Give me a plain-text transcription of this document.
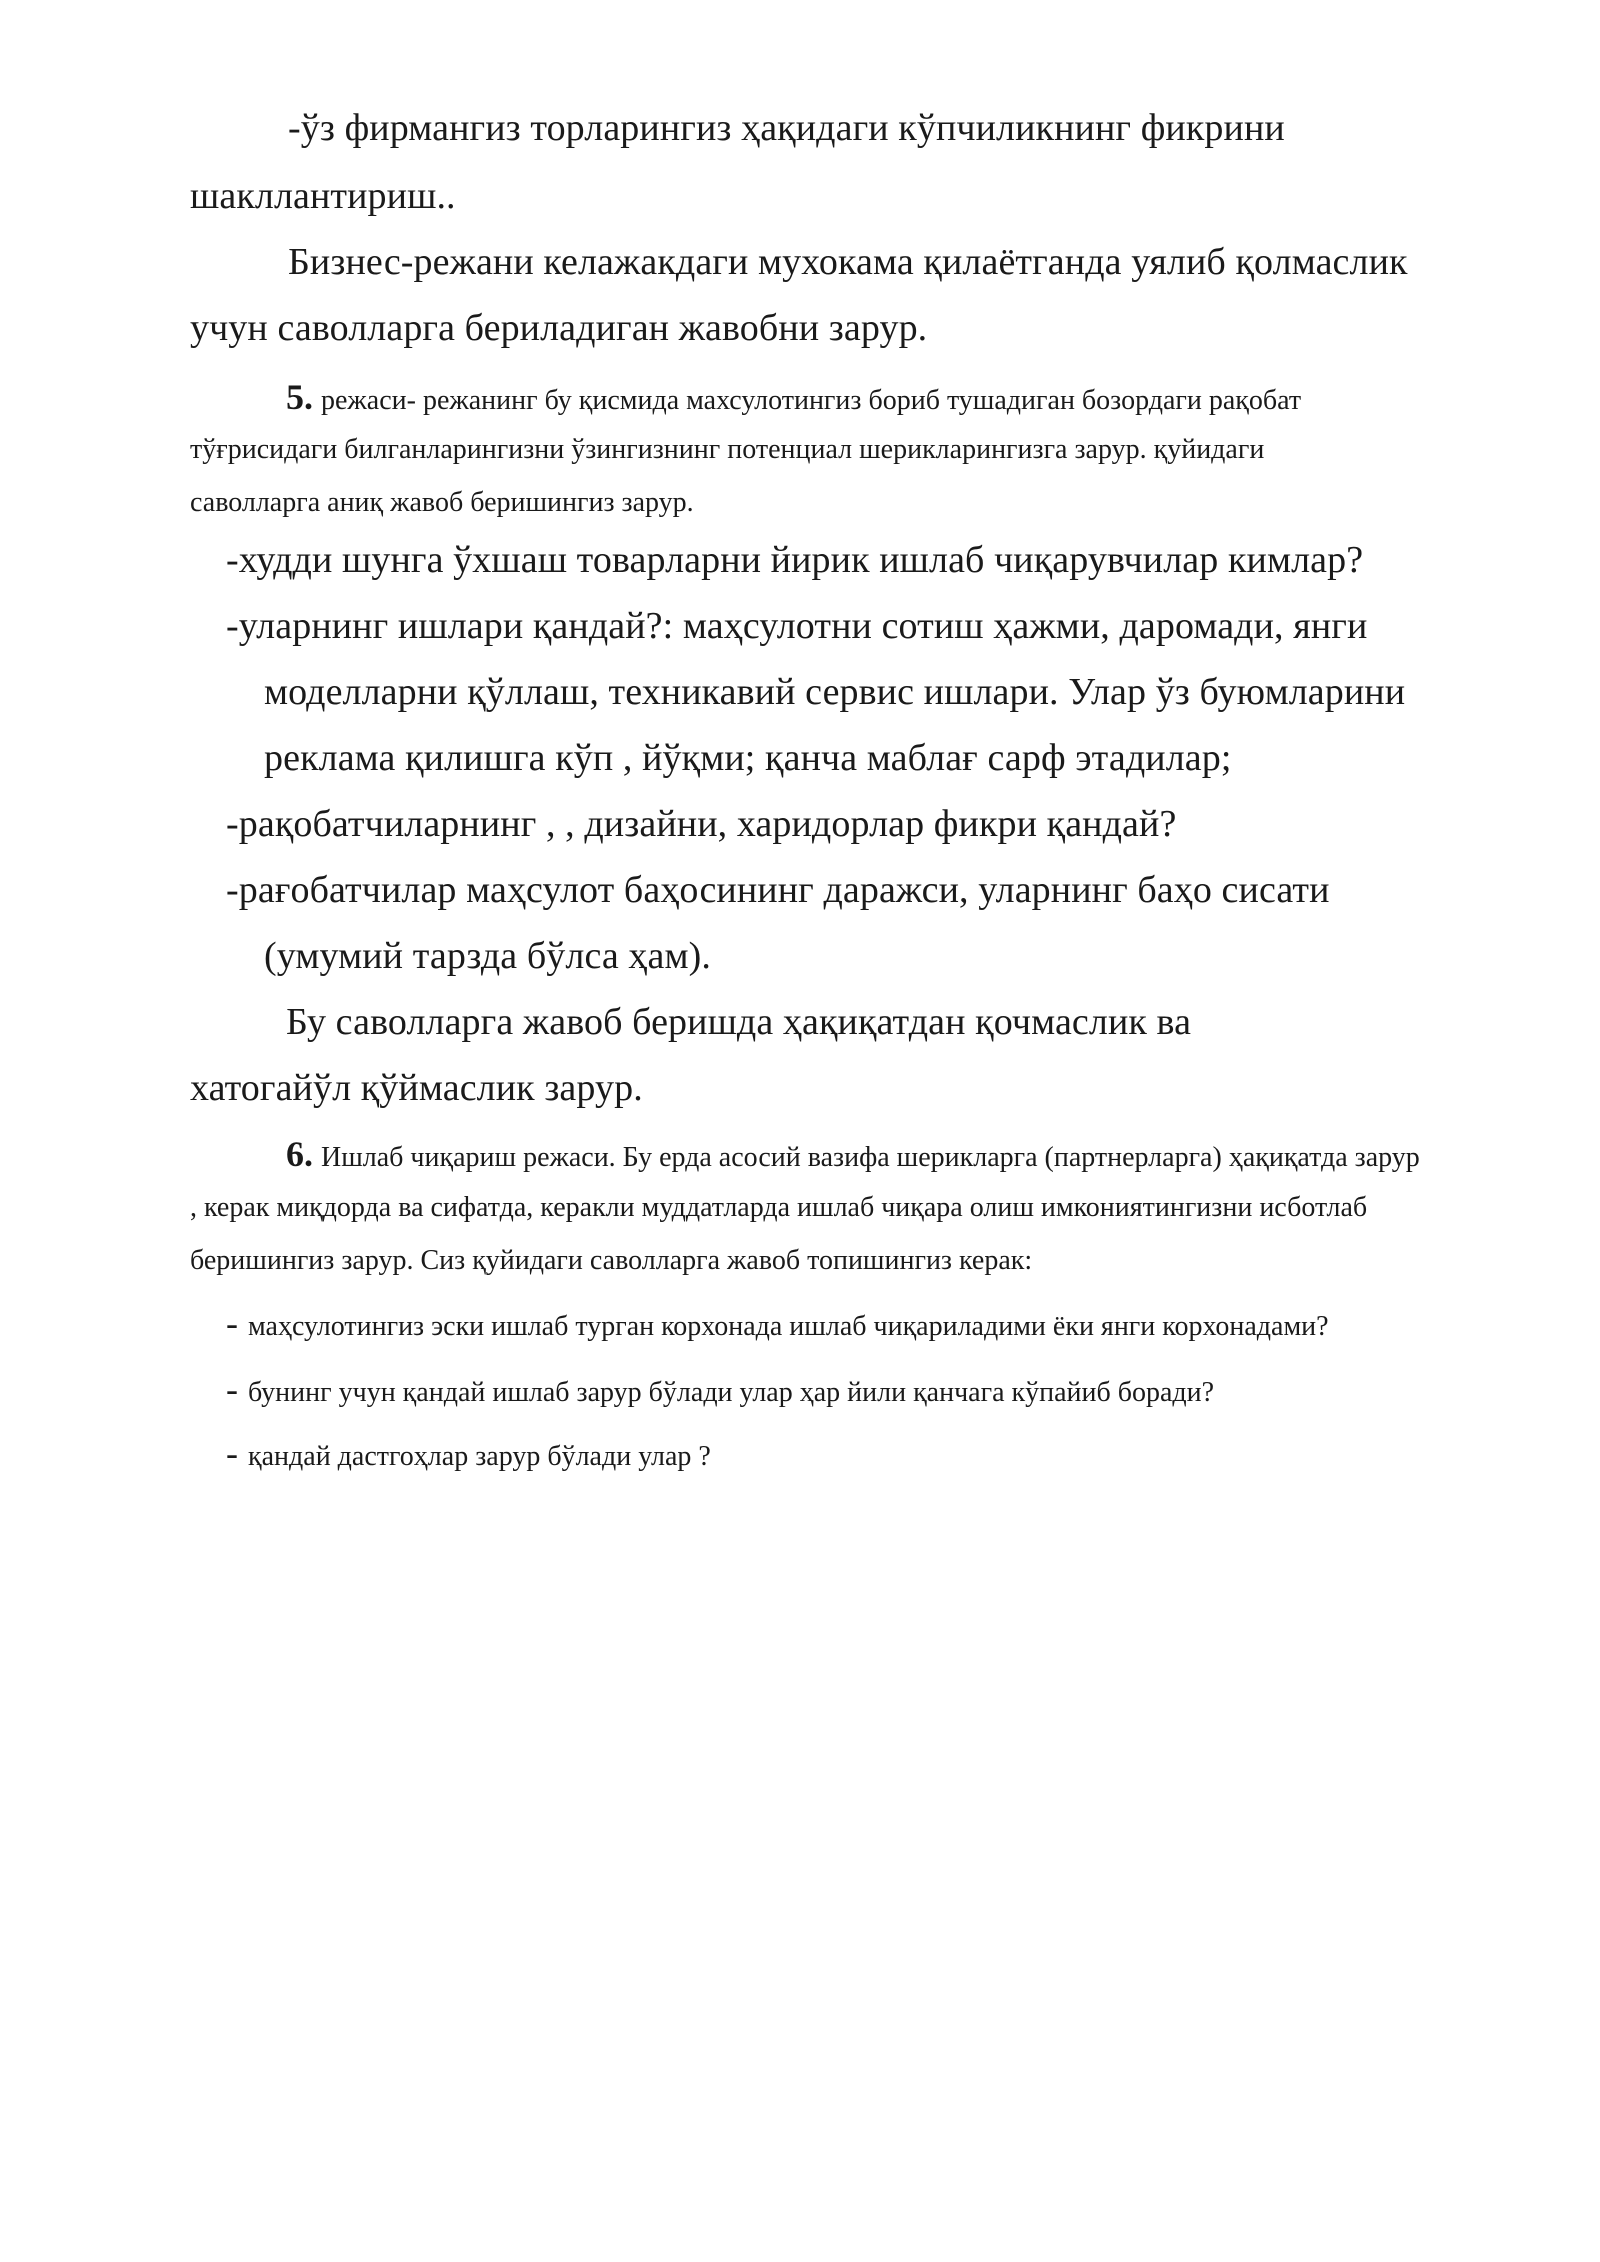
-ўз фирмангиз торларингиз ҳақидаги кўпчиликнинг фикрини
шакллантириш..
Бизнес-режани келажакдаги мухокама қилаётганда уялиб қолмаслик
учун саволларга бериладиган жавобни зарур.
5. режаси- режанинг бу қисмида махсулотингиз бориб тушадиган бозордаги рақобат
тўғрисидаги билганларингизни ўзингизнинг потенциал шерикларингизга зарур. қуйидаги
саволларга аниқ жавоб беришингиз зарур.
-худди шунга ўхшаш товарларни йирик ишлаб чиқарувчилар кимлар?
-уларнинг ишлари қандай?: маҳсулотни сотиш ҳажми, даромади, янги
моделларни қўллаш, техникавий сервис ишлари. Улар ўз буюмларини
реклама қилишга кўп , йўқми; қанча маблағ сарф этадилар;
-рақобатчиларнинг , , дизайни, харидорлар фикри қандай?
-рағобатчилар маҳсулот баҳосининг даражси, уларнинг баҳо сисати
(умумий тарзда бўлса ҳам).
Бу саволларга жавоб беришда ҳақиқатдан қочмаслик ва
хатогайўл қўймаслик зарур.
6. Ишлаб чиқариш режаси. Бу ерда асосий вазифа шерикларга (партнерларга) ҳақиқатда зарур
, керак миқдорда ва сифатда, керакли муддатларда ишлаб чиқара олиш имкониятингизни исботлаб
беришингиз зарур. Сиз қуйидаги саволларга жавоб топишингиз керак:
- маҳсулотингиз эски ишлаб турган корхонада ишлаб чиқариладими ёки янги корхонадами?
- бунинг учун қандай ишлаб зарур бўлади улар ҳар йили қанчага кўпайиб боради?
- қандай дастгоҳлар зарур бўлади улар ?
